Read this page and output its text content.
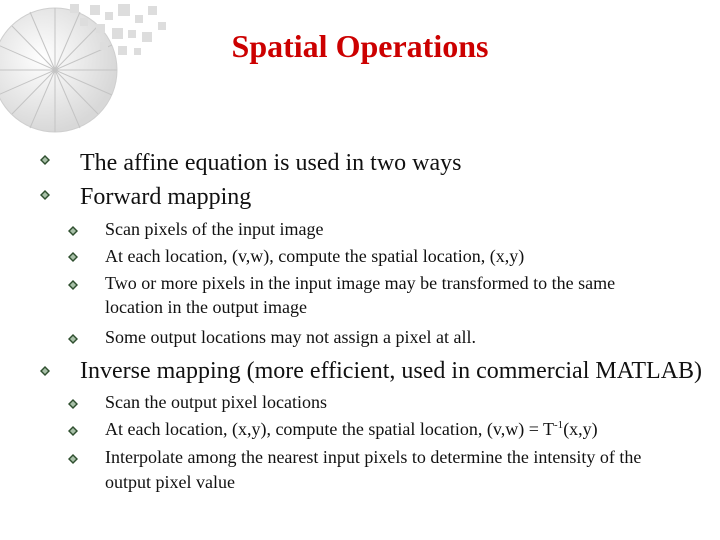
Spatial Operations
The affine equation is used in two ways
Forward mapping
Scan pixels of the input image
At each location, (v,w), compute the spatial location, (x,y)
Two or more pixels in the input image may be transformed to the same
location in the output image
Some output locations may not assign a pixel at all.
Inverse mapping (more efficient, used in commercial MATLAB)
Scan the output pixel locations
At each location, (x,y), compute the spatial location, $(v,w) = T^{-1}(x,y)$
Interpolate among the nearest input pixels to determine the intensity of the
output pixel value
